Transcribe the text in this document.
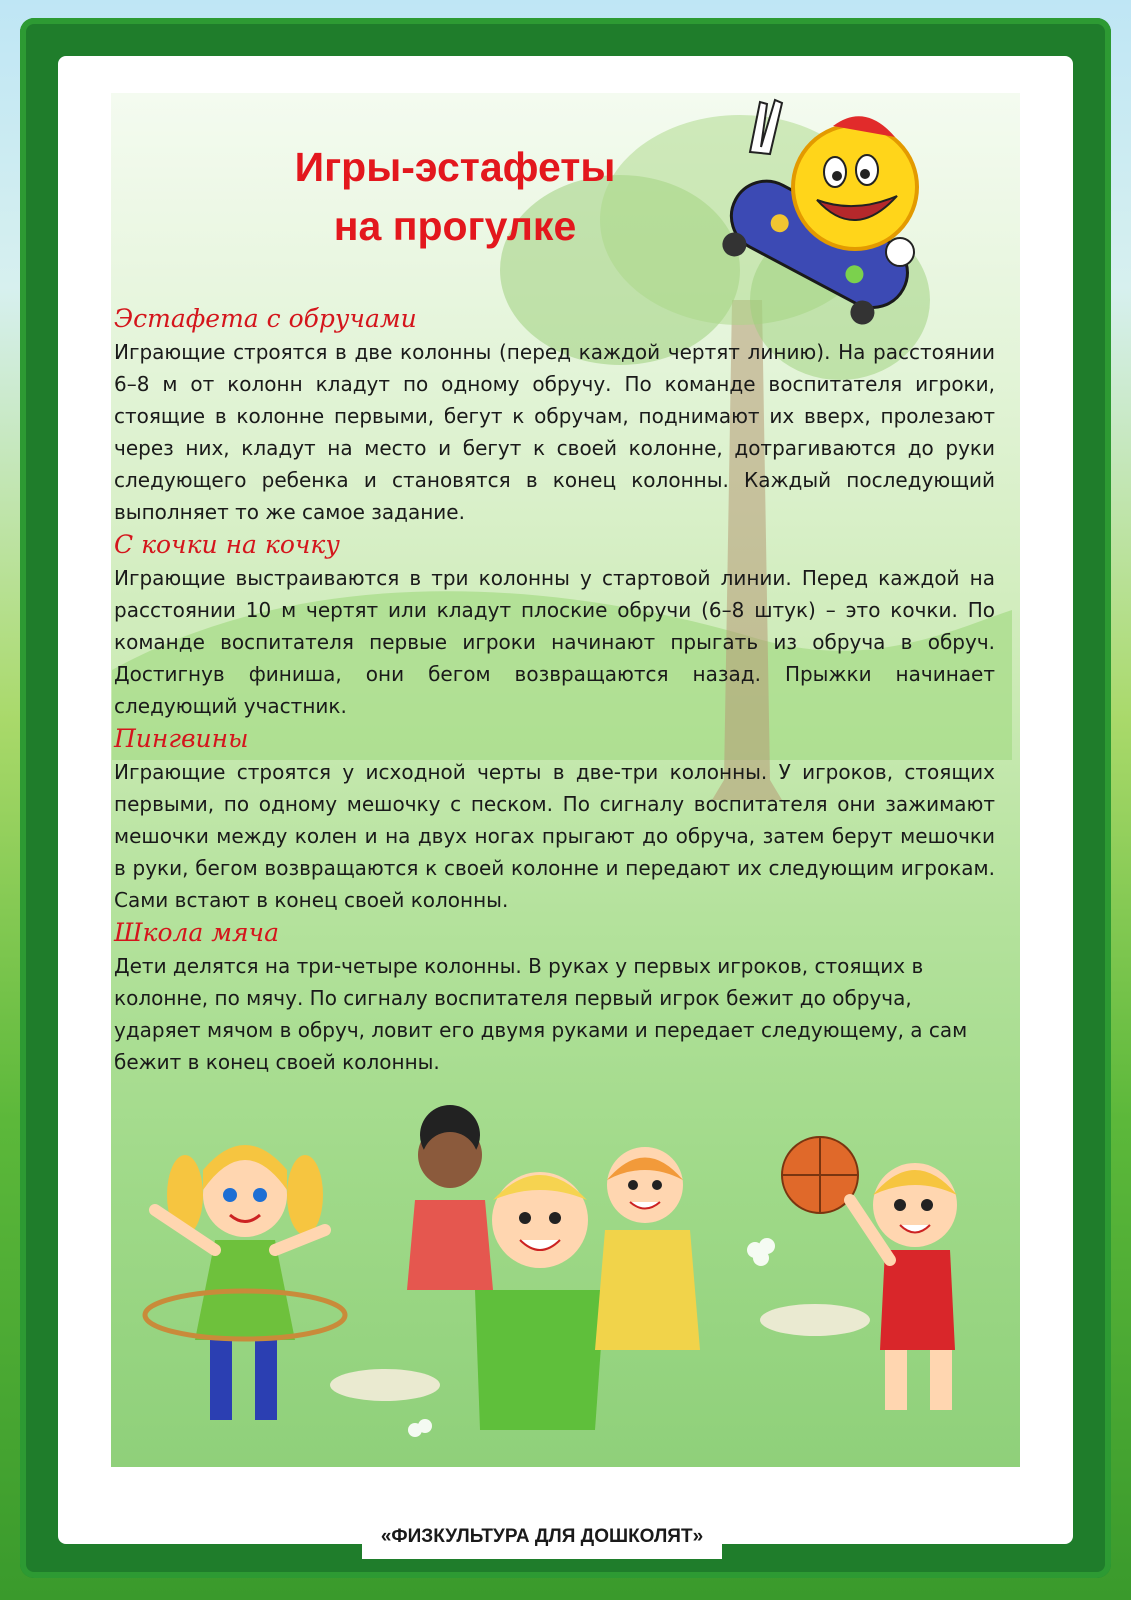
Игры-эстафеты
на прогулке

Эстафета с обручами

Играющие строятся в две колонны (перед каждой чертят линию). На расстоянии 6–8 м от колонн кладут по одному обручу. По команде воспитателя игроки, стоящие в колонне первыми, бегут к обручам, поднимают их вверх, пролезают через них, кладут на место и бегут к своей колонне, дотрагиваются до руки следующего ребенка и становятся в конец колонны. Каждый последующий выполняет то же самое задание.

С кочки на кочку

Играющие выстраиваются в три колонны у стартовой линии. Перед каждой на расстоянии 10 м чертят или кладут плоские обручи (6–8 штук) – это кочки. По команде воспитателя первые игроки начинают прыгать из обруча в обруч. Достигнув финиша, они бегом возвращаются назад. Прыжки начинает следующий участник.

Пингвины

Играющие строятся у исходной черты в две-три колонны. У игроков, стоящих первыми, по одному мешочку с песком. По сигналу воспитателя они зажимают мешочки между колен и на двух ногах прыгают до обруча, затем берут мешочки в руки, бегом возвращаются к своей колонне и передают их следующим игрокам. Сами встают в конец своей колонны.

Школа мяча

Дети делятся на три-четыре колонны. В руках у первых игроков, стоящих в колонне, по мячу. По сигналу воспитателя первый игрок бежит до обруча, ударяет мячом в обруч, ловит его двумя руками и передает следующему, а сам бежит в конец своей колонны.

«ФИЗКУЛЬТУРА ДЛЯ ДОШКОЛЯТ»
